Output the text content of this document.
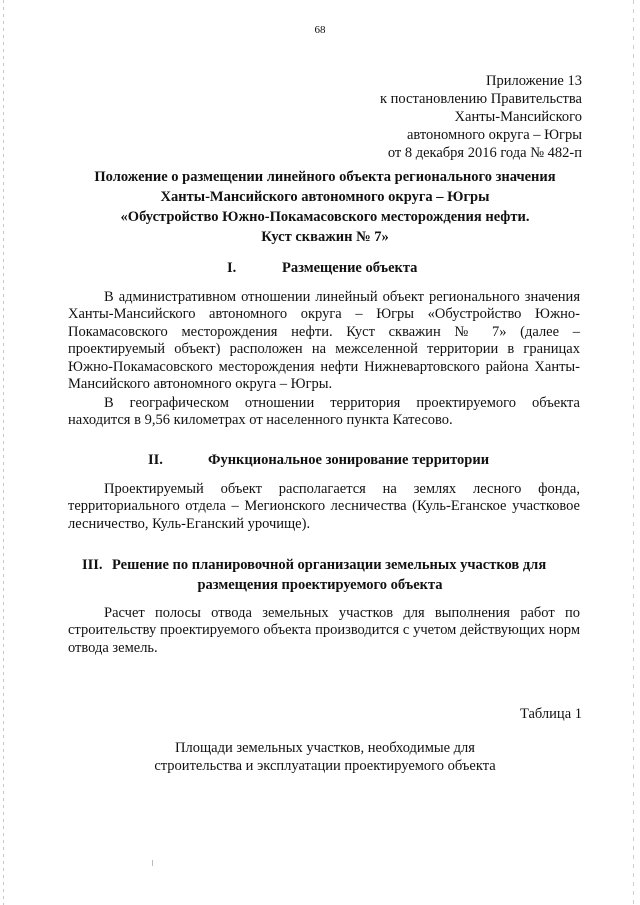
68
Приложение 13
к постановлению Правительства
Ханты-Мансийского
автономного округа – Югры
от 8 декабря 2016 года № 482-п
Положение о размещении линейного объекта регионального значения
Ханты-Мансийского автономного округа – Югры
«Обустройство Южно-Покамасовского месторождения нефти.
Куст скважин № 7»
I.	Размещение объекта

В административном отношении линейный объект регионального значения Ханты-Мансийского автономного округа – Югры «Обустройство Южно-Покамасовского месторождения нефти. Куст скважин № 7» (далее – проектируемый объект) расположен на межселенной территории в границах Южно-Покамасовского месторождения нефти Нижневартовского района Ханты-Мансийского автономного округа – Югры.

В географическом отношении территория проектируемого объекта находится в 9,56 километрах от населенного пункта Катесово.

II.	Функциональное зонирование территории

Проектируемый объект располагается на землях лесного фонда, территориального отдела – Мегионского лесничества (Куль-Еганское участковое лесничество, Куль-Еганский урочище).

III. Решение по планировочной организации земельных участков для
размещения проектируемого объекта

Расчет полосы отвода земельных участков для выполнения работ по строительству проектируемого объекта производится с учетом действующих норм отвода земель.

Таблица 1
Площади земельных участков, необходимые для
строительства и эксплуатации проектируемого объекта
